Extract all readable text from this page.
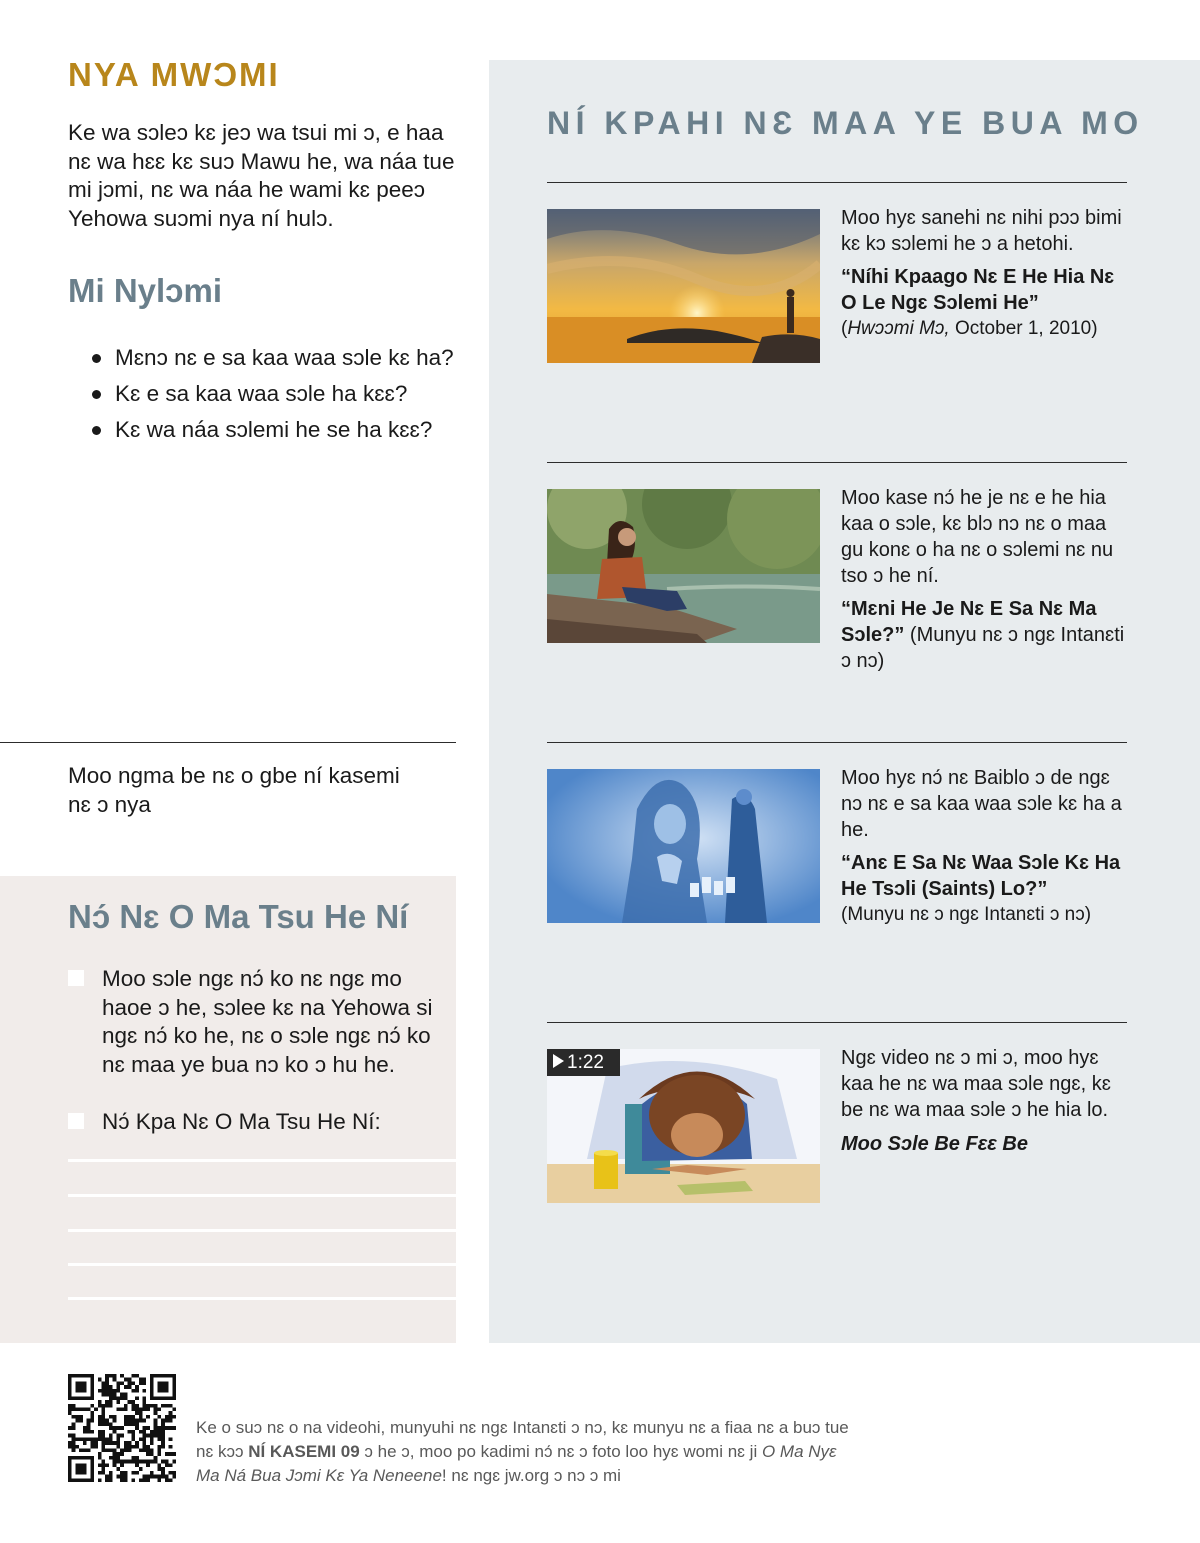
NYA MWƆMI

Ke wa sɔleɔ kɛ jeɔ wa tsui mi ɔ, e haa nɛ wa hɛɛ kɛ suɔ Mawu he, wa náa tue mi jɔmi, nɛ wa náa he wami kɛ peeɔ Yehowa suɔmi nya ní hulɔ.

Mi Nylɔmi
Mɛnɔ nɛ e sa kaa waa sɔle kɛ ha?
Kɛ e sa kaa waa sɔle ha kɛɛ?
Kɛ wa náa sɔlemi he se ha kɛɛ?

Moo ngma be nɛ o gbe ní kasemi nɛ ɔ nya

Nɔ́ Nɛ O Ma Tsu He Ní

Moo sɔle ngɛ nɔ́ ko nɛ ngɛ mo haoe ɔ he, sɔlee kɛ na Yehowa si ngɛ nɔ́ ko he, nɛ o sɔle ngɛ nɔ́ ko nɛ maa ye bua nɔ ko ɔ hu he.

Nɔ́ Kpa Nɛ O Ma Tsu He Ní:

NÍ KPAHI NƐ MAA YE BUA MO

Moo hyɛ sanehi nɛ nihi pɔɔ bimi kɛ kɔ sɔlemi he ɔ a hetohi.

“Níhi Kpaago Nɛ E He Hia Nɛ O Le Ngɛ Sɔlemi He”

(Hwɔɔmi Mɔ, October 1, 2010)

Moo kase nɔ́ he je nɛ e he hia kaa o sɔle, kɛ blɔ nɔ nɛ o maa gu konɛ o ha nɛ o sɔlemi nɛ nu tso ɔ he ní.

“Mɛni He Je Nɛ E Sa Nɛ Ma Sɔle?” (Munyu nɛ ɔ ngɛ Intanɛti ɔ nɔ)

Moo hyɛ nɔ́ nɛ Baiblo ɔ de ngɛ nɔ nɛ e sa kaa waa sɔle kɛ ha a he.

“Anɛ E Sa Nɛ Waa Sɔle Kɛ Ha He Tsɔli (Saints) Lo?”

(Munyu nɛ ɔ ngɛ Intanɛti ɔ nɔ)

1:22	Ngɛ video nɛ ɔ mi ɔ, moo hyɛ kaa he nɛ wa maa sɔle ngɛ, kɛ be nɛ wa maa sɔle ɔ he hia lo.

Moo Sɔle Be Fɛɛ Be

Ke o suɔ nɛ o na videohi, munyuhi nɛ ngɛ Intanɛti ɔ nɔ, kɛ munyu nɛ a fiaa nɛ a buɔ tue nɛ kɔɔ NÍ KASEMI 09 ɔ he ɔ, moo po kadimi nɔ́ nɛ ɔ foto loo hyɛ womi nɛ ji O Ma Nyɛ Ma Ná Bua Jɔmi Kɛ Ya Neneene! nɛ ngɛ jw.org ɔ nɔ ɔ mi
